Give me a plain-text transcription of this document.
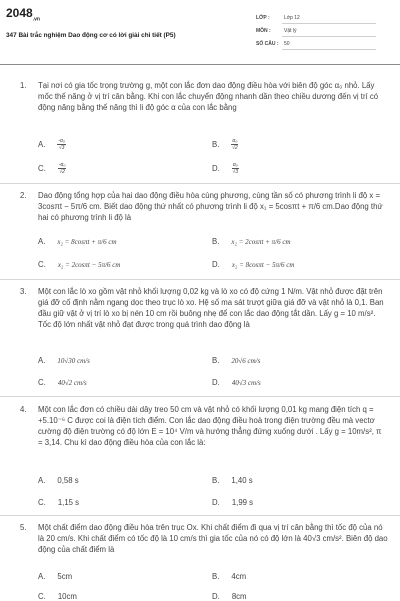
$2048_{.vn}$
347 Bài trắc nghiệm Dao động cơ có lời giải chi tiết (P5)
LỚP :	Lớp 12
MÔN :	Vật lý
SỐ CÂU : 50
1. Tại nơi có gia tốc trọng trường g, một con lắc đơn dao động điều hòa với biên độ góc α₀ nhỏ. Lấy mốc thế năng ở vị trí cân bằng. Khi con lắc chuyển động nhanh dần theo chiều dương đến vị trí có động năng bằng thế năng thì li độ góc α của con lắc bằng
A. $\frac{\text{-α₀}}{√3}$	B. $\frac{\text{α₀}}{√2}$
C. $\frac{\text{-α₀}}{√2}$	D. $\frac{\text{α₀}}{√3}$
2. Dao động tổng hợp của hai dao động điều hòa cùng phương, cùng tần số có phương trình li độ x = 3cosπt − 5π/6 cm. Biết dao động thứ nhất có phương trình li độ x₁ = 5cosπt + π/6 cm.Dao động thứ hai có phương trình li độ là
A. x₂ = 8cosπt + π/6 cm	B. x₂ = 2cosπt + π/6 cm
C. x₂ = 2cosπt − 5π/6 cm	D. x₂ = 8cosπt − 5π/6 cm
3. Một con lắc lò xo gồm vật nhỏ khối lượng 0,02 kg và lò xo có độ cứng 1 N/m. Vật nhỏ được đặt trên giá đỡ cố định nằm ngang dọc theo trục lò xo. Hệ số ma sát trượt giữa giá đỡ và vật nhỏ là 0,1. Ban đầu giữ vật ở vị trí lò xo bị nén 10 cm rồi buông nhẹ để con lắc dao động tắt dần. Lấy g = 10 m/s². Tốc độ lớn nhất vật nhỏ đạt được trong quá trình dao động là
A. 10√30 cm/s	B. 20√6 cm/s
C. 40√2 cm/s	D. 40√3 cm/s
4. Một con lắc đơn có chiều dài dây treo 50 cm và vật nhỏ có khối lượng 0,01 kg mang điện tích q = +5.10⁻⁶ C được coi là điện tích điểm. Con lắc dao động điều hoà trong điện trường đều mà vectơ cường độ điện trường có độ lớn E = 10⁴ V/m và hướng thẳng đứng xuống dưới . Lấy g = 10m/s², π = 3,14. Chu kì dao động điều hòa của con lắc là:
A. 0,58 s	B. 1,40 s
C. 1,15 s	D. 1,99 s
5. Một chất điểm dao động điều hòa trên trục Ox. Khi chất điểm đi qua vị trí cân bằng thì tốc độ của nó là 20 cm/s. Khi chất điểm có tốc độ là 10 cm/s thì gia tốc của nó có độ lớn là 40√3 cm/s². Biên độ dao động của chất điểm là
A. 5cm	B. 4cm
C. 10cm	D. 8cm
